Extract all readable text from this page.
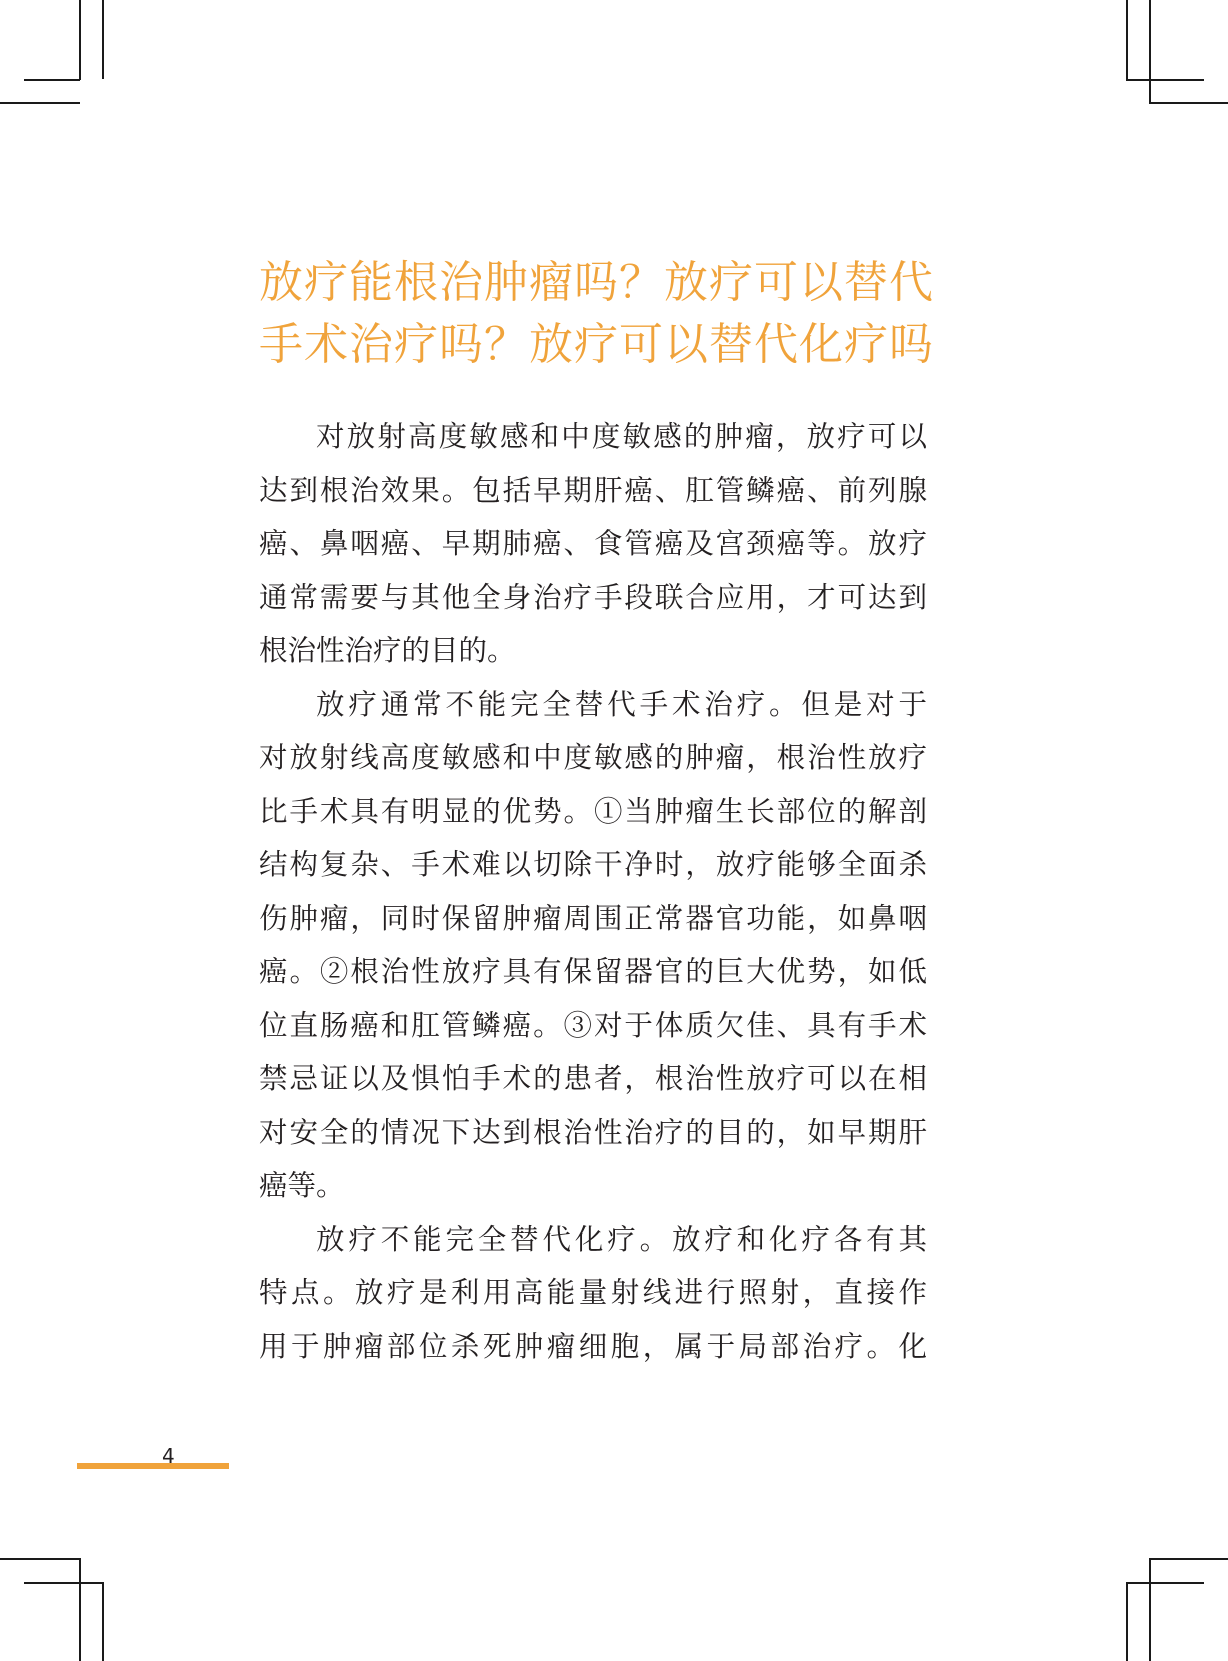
放疗能根治肿瘤吗？放疗可以替代
手术治疗吗？放疗可以替代化疗吗

对放射高度敏感和中度敏感的肿瘤，放疗可以
达到根治效果。包括早期肝癌、肛管鳞癌、前列腺
癌、鼻咽癌、早期肺癌、食管癌及宫颈癌等。放疗
通常需要与其他全身治疗手段联合应用，才可达到
根治性治疗的目的。

放疗通常不能完全替代手术治疗。但是对于
对放射线高度敏感和中度敏感的肿瘤，根治性放疗
比手术具有明显的优势。①当肿瘤生长部位的解剖
结构复杂、手术难以切除干净时，放疗能够全面杀
伤肿瘤，同时保留肿瘤周围正常器官功能，如鼻咽
癌。②根治性放疗具有保留器官的巨大优势，如低
位直肠癌和肛管鳞癌。③对于体质欠佳、具有手术
禁忌证以及惧怕手术的患者，根治性放疗可以在相
对安全的情况下达到根治性治疗的目的，如早期肝
癌等。

放疗不能完全替代化疗。放疗和化疗各有其
特点。放疗是利用高能量射线进行照射，直接作
用于肿瘤部位杀死肿瘤细胞，属于局部治疗。化

4
